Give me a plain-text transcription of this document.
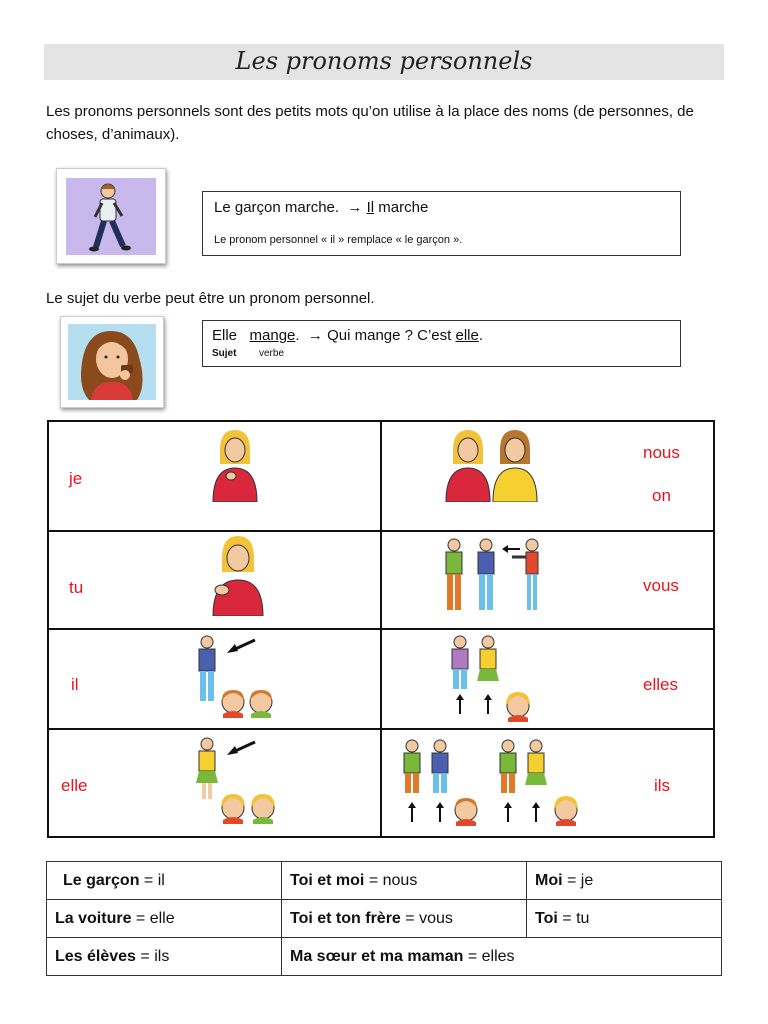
Les pronoms personnels
Les pronoms personnels sont des petits mots qu’on utilise à la place des noms (de personnes, de choses, d’animaux).
Le garçon marche. → Il marche
Le pronom personnel « il » remplace « le garçon ».
Le sujet du verbe peut être un pronom personnel.
Elle mange. → Qui mange ? C’est elle.
Sujet verbe
je	nous
on

tu	vous

il	elles

elle	ils
Le garçon = il	Toi et moi = nous	Moi = je
La voiture = elle	Toi et ton frère = vous	Toi = tu
Les élèves = ils	Ma sœur et ma maman = elles	
